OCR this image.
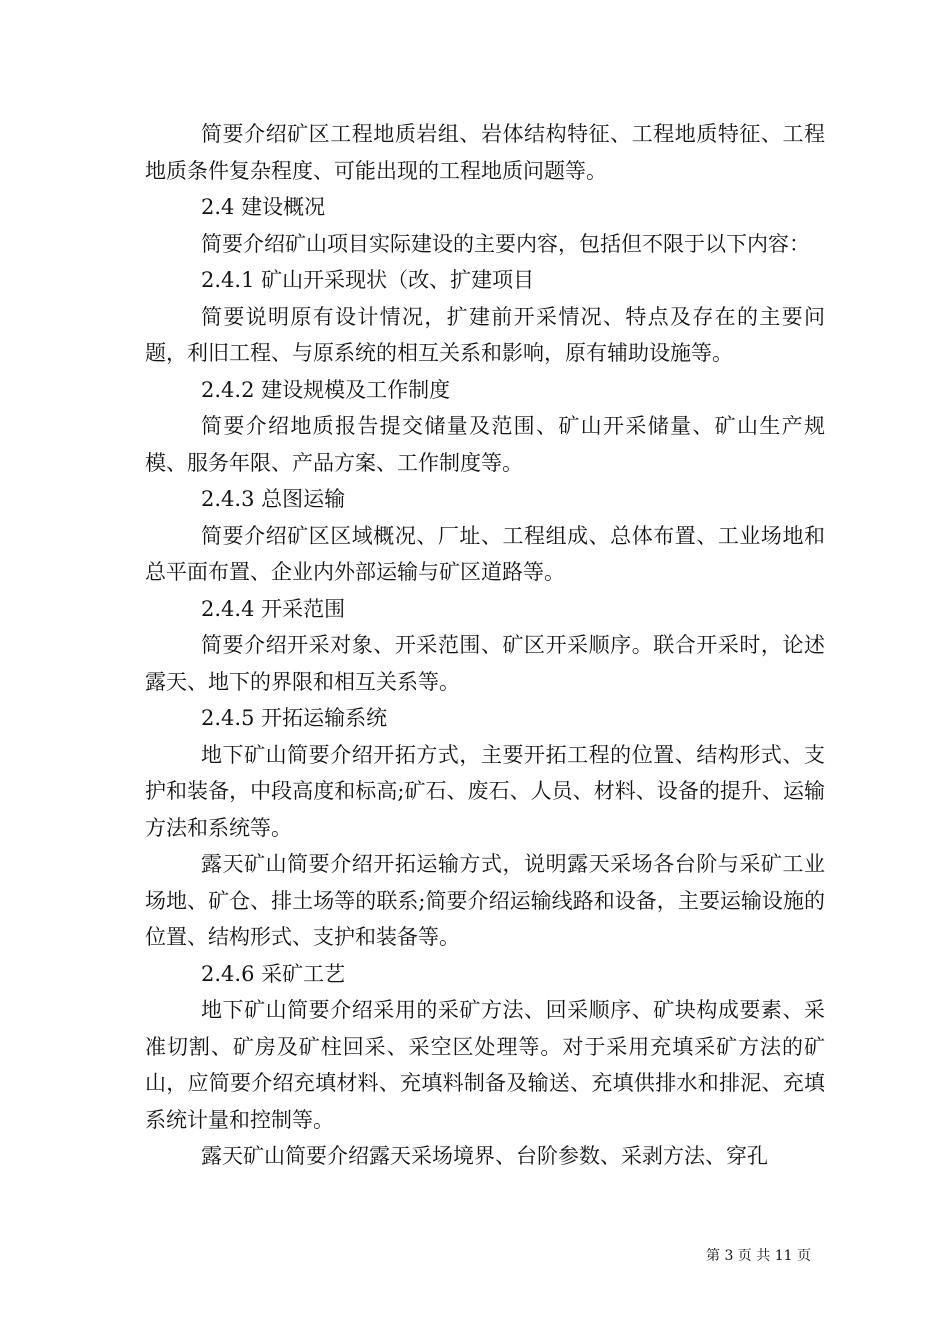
简要介绍矿区工程地质岩组、岩体结构特征、工程地质特征、工程地质条件复杂程度、可能出现的工程地质问题等。

2.4 建设概况

简要介绍矿山项目实际建设的主要内容，包括但不限于以下内容：

2.4.1 矿山开采现状（改、扩建项目

简要说明原有设计情况，扩建前开采情况、特点及存在的主要问题，利旧工程、与原系统的相互关系和影响，原有辅助设施等。

2.4.2 建设规模及工作制度

简要介绍地质报告提交储量及范围、矿山开采储量、矿山生产规模、服务年限、产品方案、工作制度等。

2.4.3 总图运输

简要介绍矿区区域概况、厂址、工程组成、总体布置、工业场地和总平面布置、企业内外部运输与矿区道路等。

2.4.4 开采范围

简要介绍开采对象、开采范围、矿区开采顺序。联合开采时，论述露天、地下的界限和相互关系等。

2.4.5 开拓运输系统

地下矿山简要介绍开拓方式，主要开拓工程的位置、结构形式、支护和装备，中段高度和标高;矿石、废石、人员、材料、设备的提升、运输方法和系统等。

露天矿山简要介绍开拓运输方式，说明露天采场各台阶与采矿工业场地、矿仓、排土场等的联系;简要介绍运输线路和设备，主要运输设施的位置、结构形式、支护和装备等。

2.4.6 采矿工艺

地下矿山简要介绍采用的采矿方法、回采顺序、矿块构成要素、采准切割、矿房及矿柱回采、采空区处理等。对于采用充填采矿方法的矿山，应简要介绍充填材料、充填料制备及输送、充填供排水和排泥、充填系统计量和控制等。

露天矿山简要介绍露天采场境界、台阶参数、采剥方法、穿孔

第 3 页 共 11 页
